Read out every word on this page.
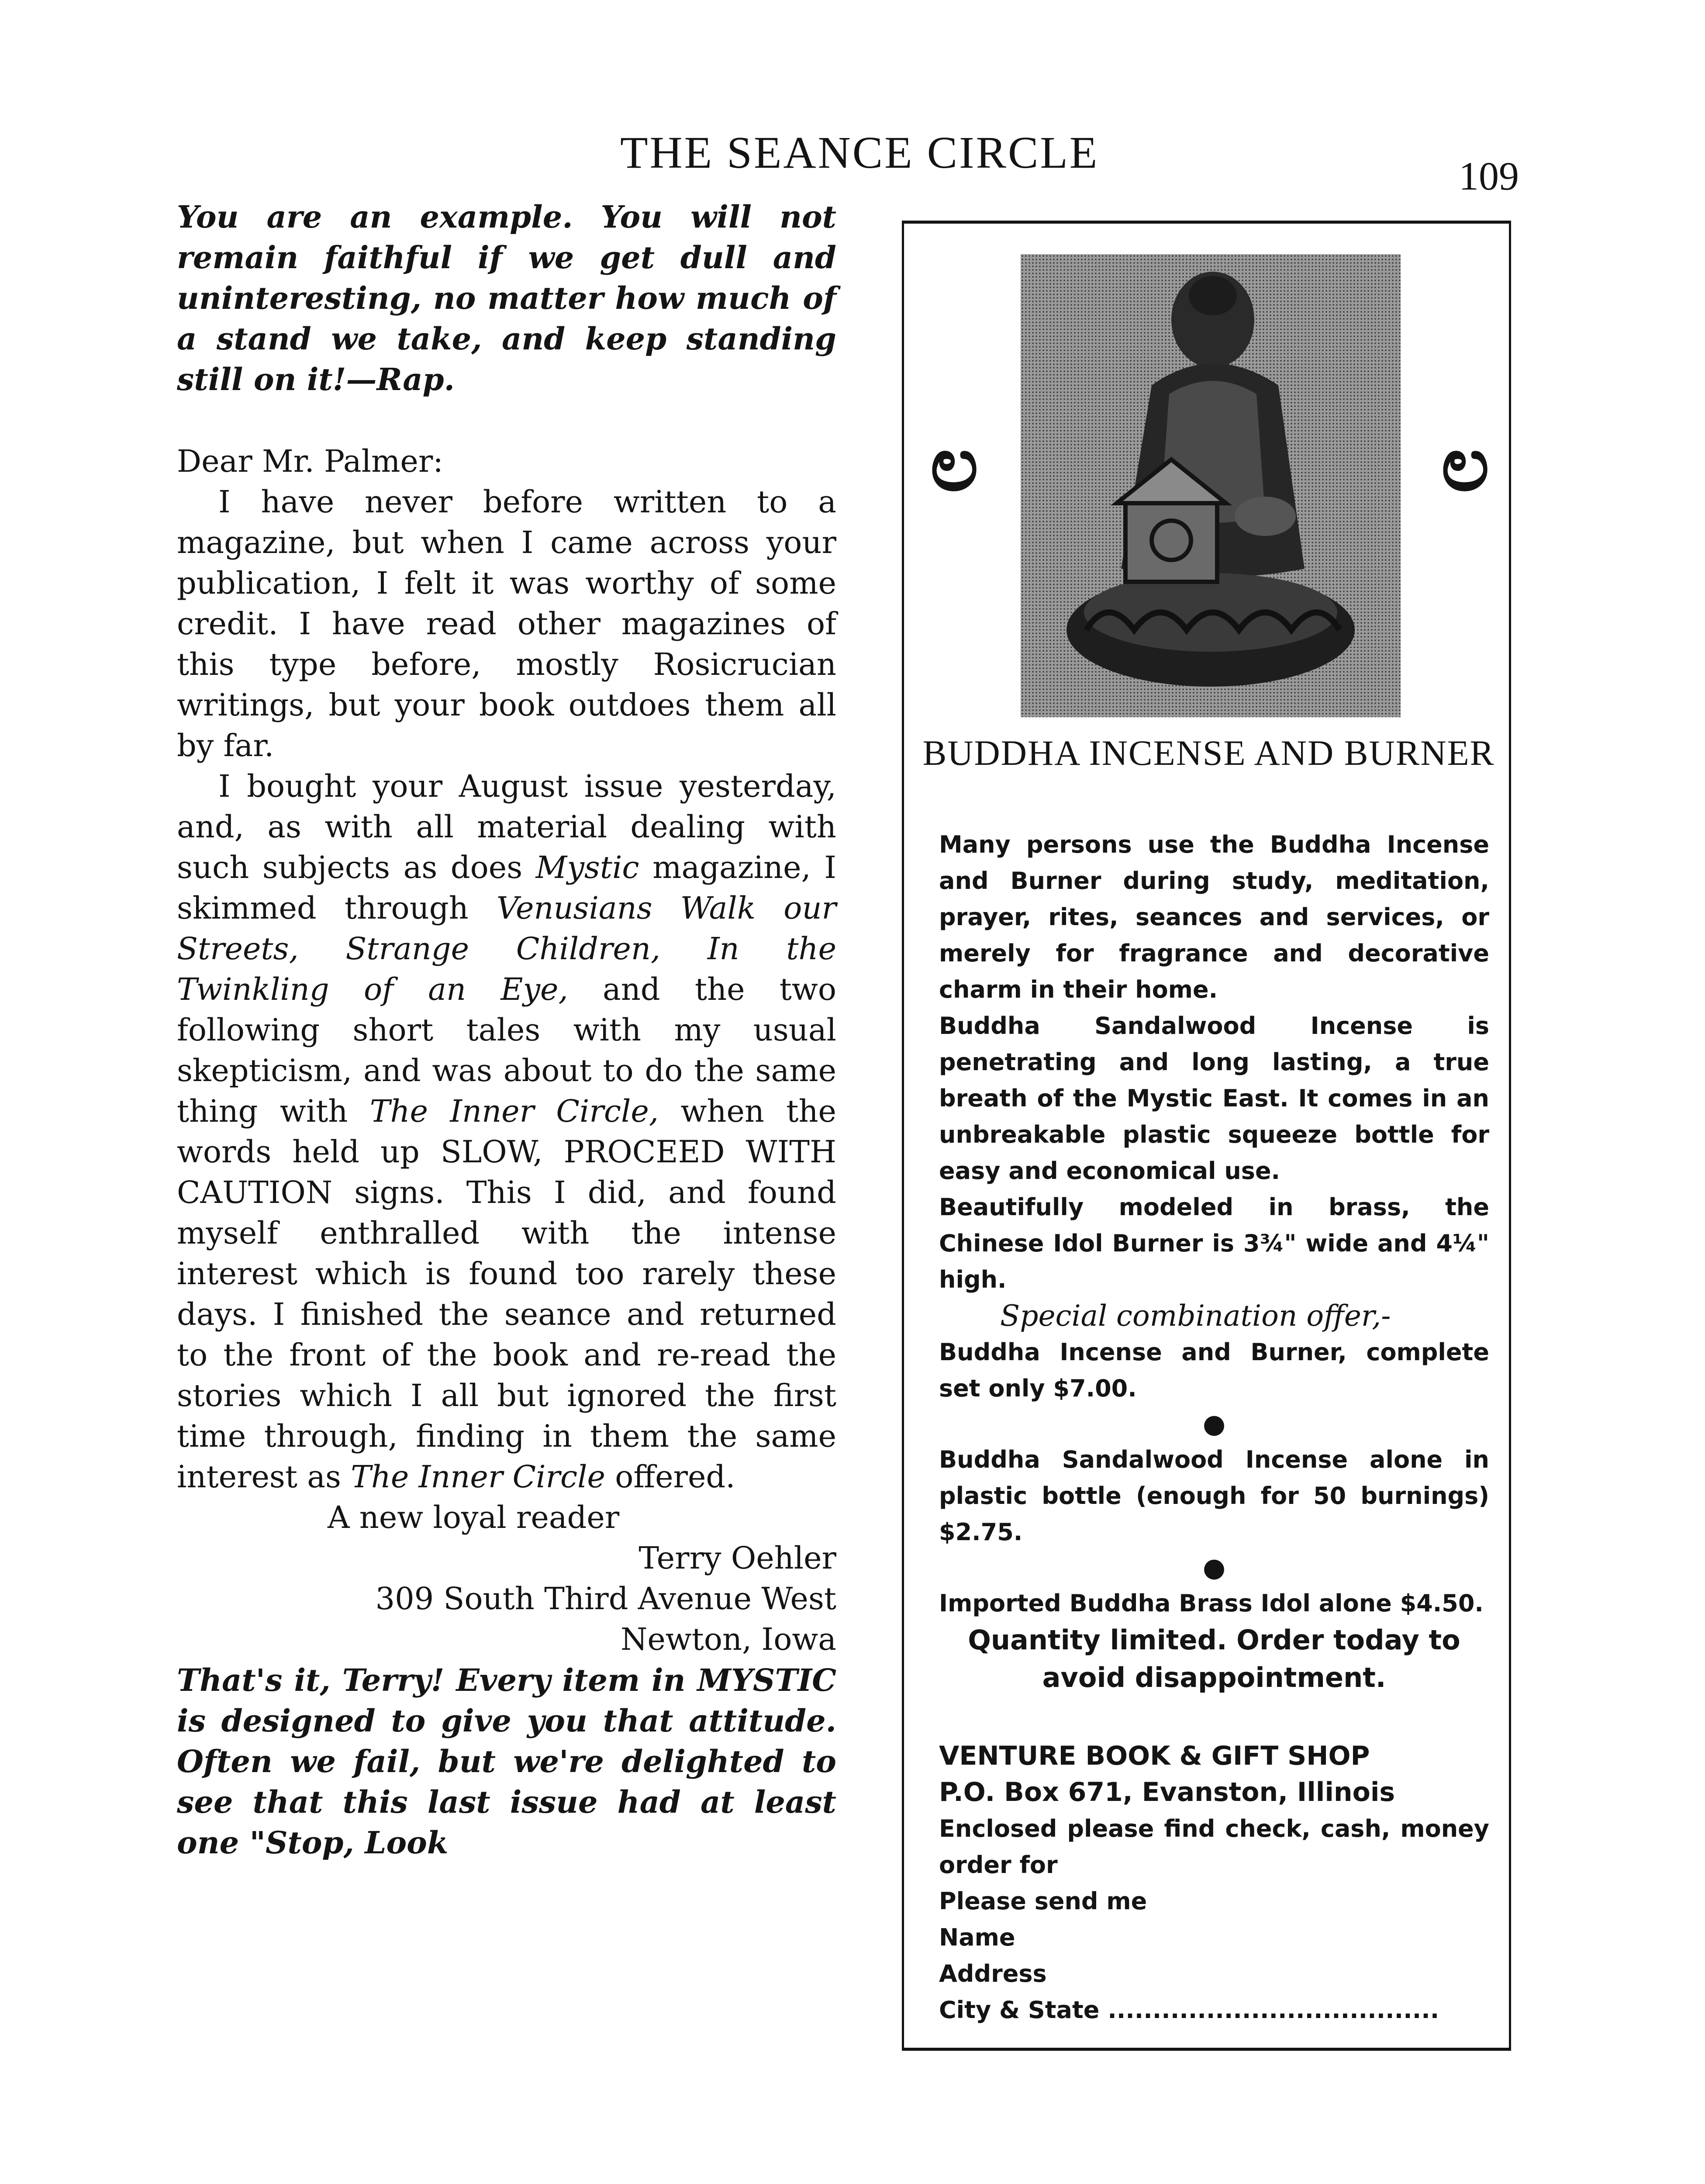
THE SEANCE CIRCLE	109

You are an example. You will not remain faithful if we get dull and uninteresting, no matter how much of a stand we take, and keep standing still on it!—Rap.

Dear Mr. Palmer:

I have never before written to a magazine, but when I came across your publication, I felt it was worthy of some credit. I have read other magazines of this type before, mostly Rosicrucian writings, but your book outdoes them all by far.

I bought your August issue yesterday, and, as with all material dealing with such subjects as does Mystic magazine, I skimmed through Venusians Walk our Streets, Strange Children, In the Twinkling of an Eye, and the two following short tales with my usual skepticism, and was about to do the same thing with The Inner Circle, when the words held up SLOW, PROCEED WITH CAUTION signs. This I did, and found myself enthralled with the intense interest which is found too rarely these days. I finished the seance and returned to the front of the book and re-read the stories which I all but ignored the first time through, finding in them the same interest as The Inner Circle offered.

A new loyal reader

Terry Oehler

309 South Third Avenue West

Newton, Iowa

That's it, Terry! Every item in MYSTIC is designed to give you that attitude. Often we fail, but we're delighted to see that this last issue had at least one "Stop, Look

ಲ	ಲ
BUDDHA INCENSE AND BURNER

Many persons use the Buddha Incense and Burner during study, meditation, prayer, rites, seances and services, or merely for fragrance and decorative charm in their home.

Buddha Sandalwood Incense is penetrating and long lasting, a true breath of the Mystic East. It comes in an unbreakable plastic squeeze bottle for easy and economical use.

Beautifully modeled in brass, the Chinese Idol Burner is 3¾" wide and 4¼" high.

Special combination offer,-

Buddha Incense and Burner, complete set only $7.00.

●

Buddha Sandalwood Incense alone in plastic bottle (enough for 50 burnings) $2.75.

●

Imported Buddha Brass Idol alone $4.50.

Quantity limited. Order today to avoid disappointment.

VENTURE BOOK & GIFT SHOP

P.O. Box 671, Evanston, Illinois

Enclosed please find check, cash, money order for

Please send me

Name

Address

City & State .....................................
